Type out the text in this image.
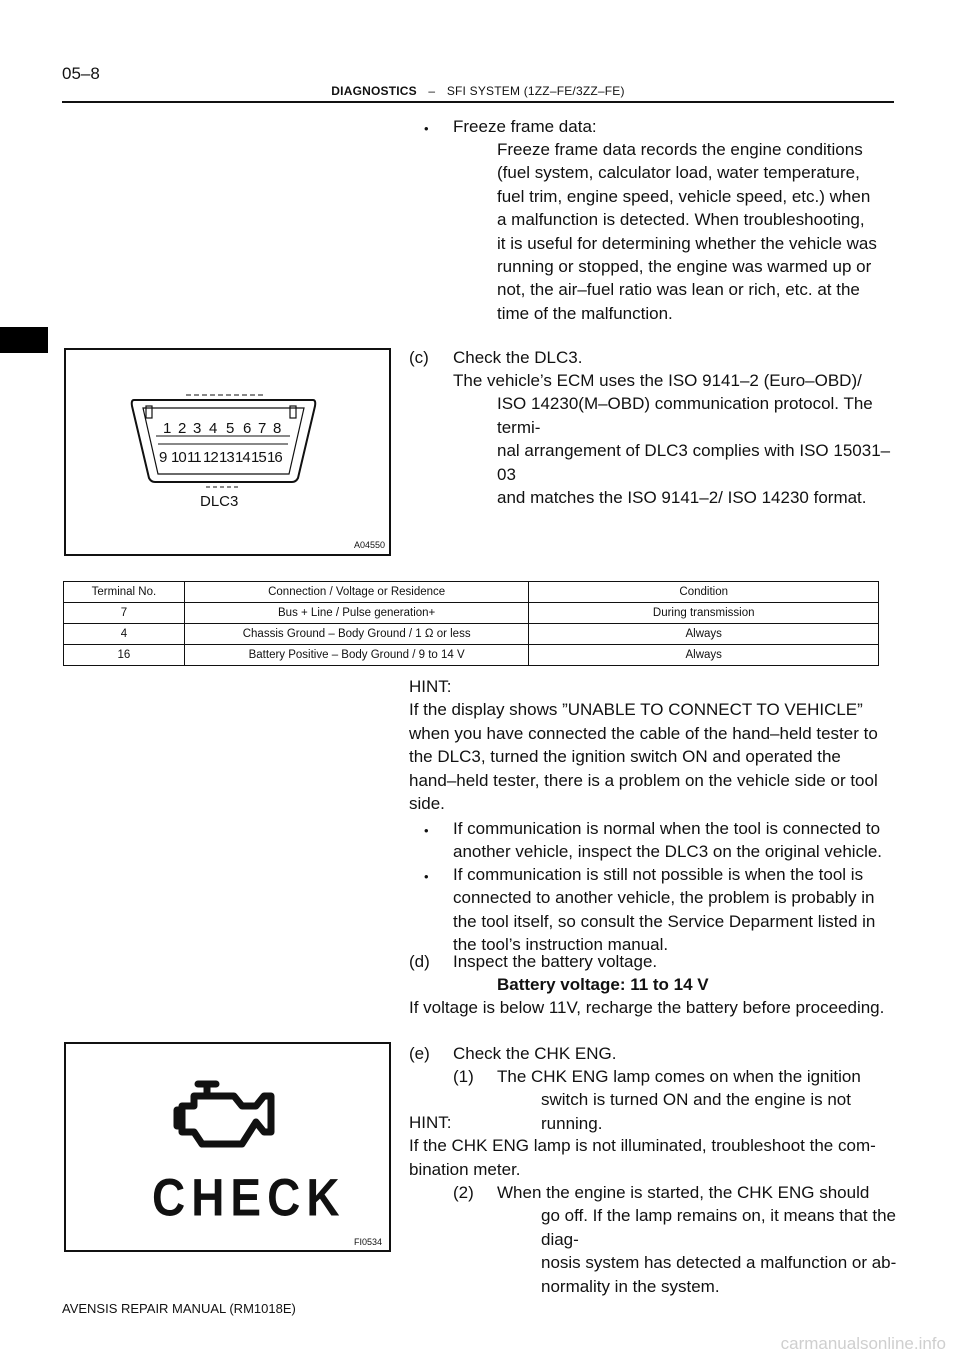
05–8
DIAGNOSTICS – SFI SYSTEM (1ZZ–FE/3ZZ–FE)
• Freeze frame data:
Freeze frame data records the engine conditions
(fuel system, calculator load, water temperature,
fuel trim, engine speed, vehicle speed, etc.) when
a malfunction is detected. When troubleshooting,
it is useful for determining whether the vehicle was
running or stopped, the engine was warmed up or
not, the air–fuel ratio was lean or rich, etc. at the
time of the malfunction.
1 2 3 4 5 6 7 8
9 10 11 12 13 14 15 16
DLC3
A04550
(c) Check the DLC3.
The vehicle’s ECM uses the ISO 9141–2 (Euro–OBD)/
ISO 14230(M–OBD) communication protocol. The termi-
nal arrangement of DLC3 complies with ISO 15031–03
and matches the ISO 9141–2/ ISO 14230 format.
Terminal No.	Connection / Voltage or Residence	Condition
7	Bus + Line / Pulse generation+	During transmission
4	Chassis Ground – Body Ground / 1 Ω or less	Always
16	Battery Positive – Body Ground / 9 to 14 V	Always
HINT:
If the display shows ”UNABLE TO CONNECT TO VEHICLE”
when you have connected the cable of the hand–held tester to
the DLC3, turned the ignition switch ON and operated the
hand–held tester, there is a problem on the vehicle side or tool
side.
• If communication is normal when the tool is connected to
another vehicle, inspect the DLC3 on the original vehicle.
• If communication is still not possible is when the tool is
connected to another vehicle, the problem is probably in
the tool itself, so consult the Service Deparment listed in
the tool’s instruction manual.
(d) Inspect the battery voltage.
Battery voltage: 11 to 14 V
If voltage is below 11V, recharge the battery before proceeding.
CHECK
FI0534
(e) Check the CHK ENG.
(1) The CHK ENG lamp comes on when the ignition
switch is turned ON and the engine is not running.
HINT:
If the CHK ENG lamp is not illuminated, troubleshoot the com-
bination meter.
(2) When the engine is started, the CHK ENG should
go off. If the lamp remains on, it means that the diag-
nosis system has detected a malfunction or ab-
normality in the system.
AVENSIS REPAIR MANUAL (RM1018E)
carmanualsonline.info
